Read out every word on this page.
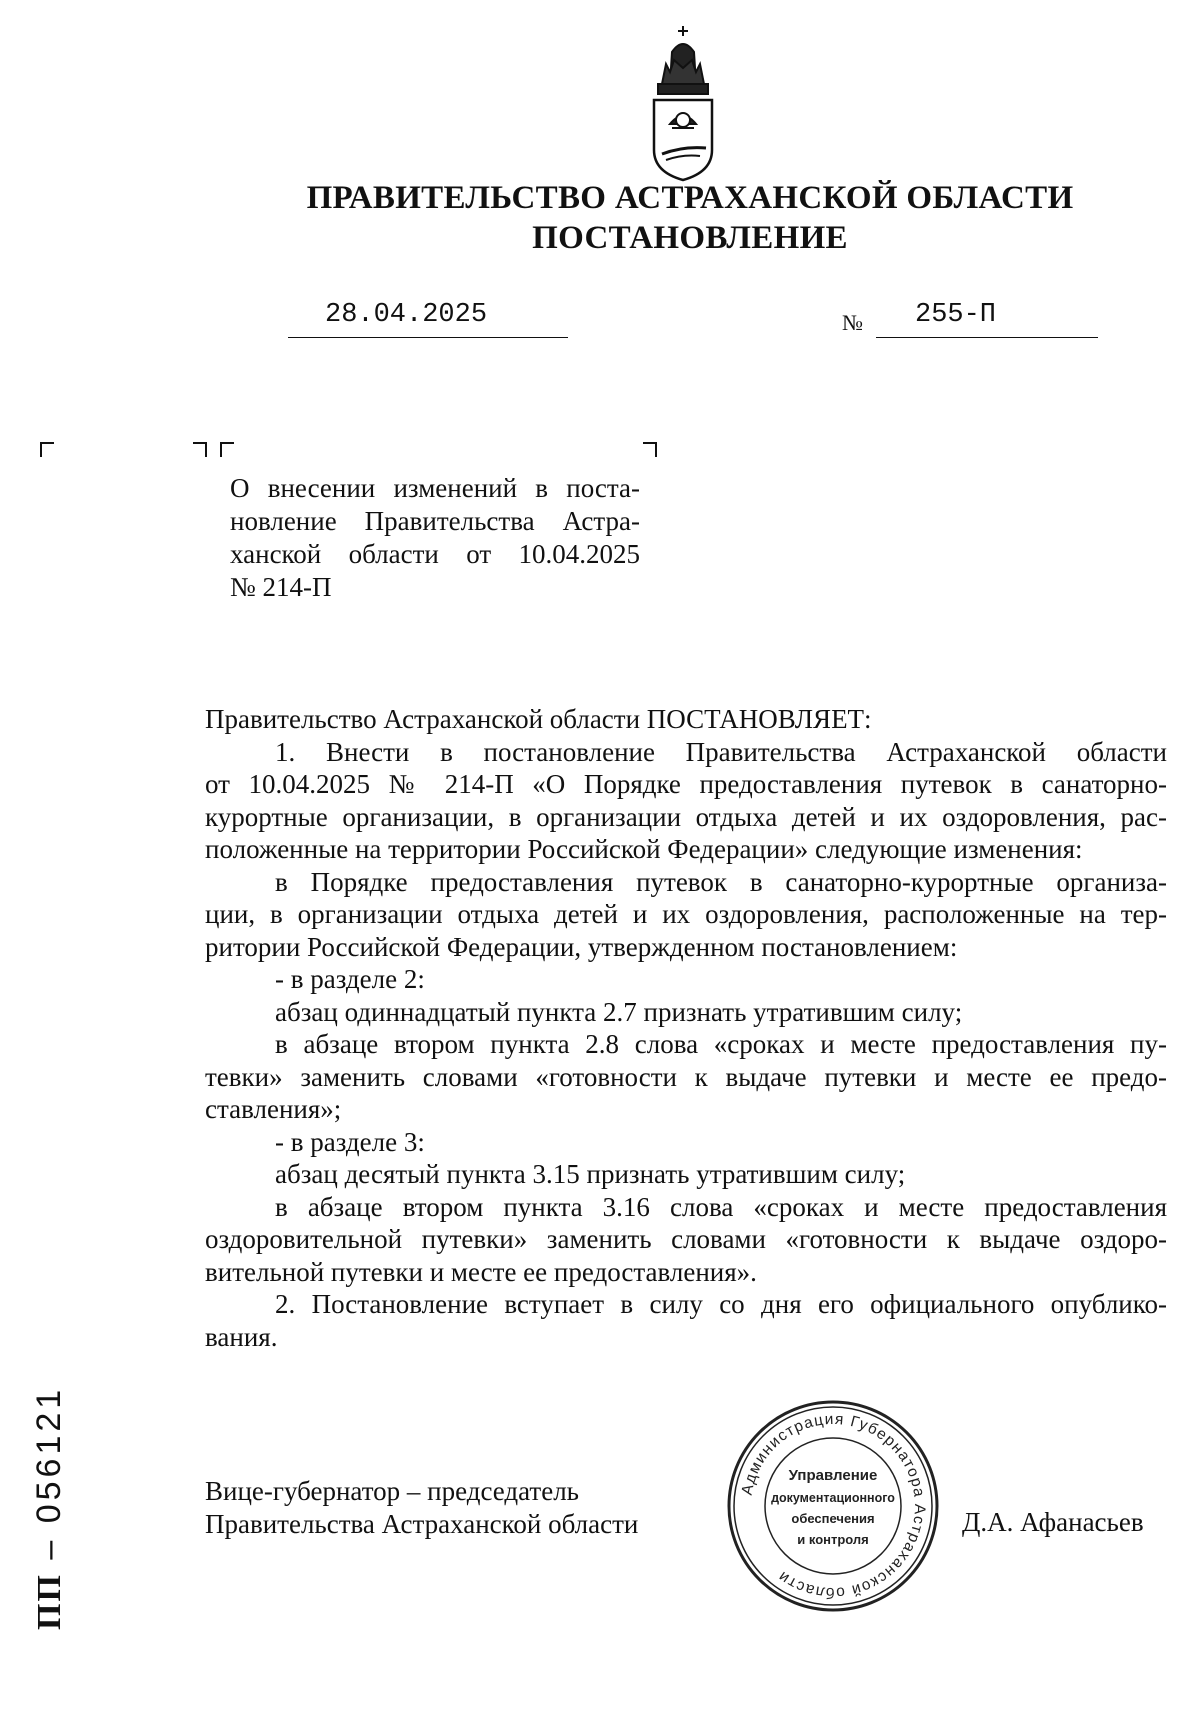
ПРАВИТЕЛЬСТВО АСТРАХАНСКОЙ ОБЛАСТИ
ПОСТАНОВЛЕНИЕ
28.04.2025	№ 255-П
О внесении изменений в поста-
новление Правительства Астра-
ханской области от 10.04.2025
№ 214-П
Правительство Астраханской области ПОСТАНОВЛЯЕТ:
1. Внести в постановление Правительства Астраханской области
от 10.04.2025 № 214-П «О Порядке предоставления путевок в санаторно-
курортные организации, в организации отдыха детей и их оздоровления, рас-
положенные на территории Российской Федерации» следующие изменения:
в Порядке предоставления путевок в санаторно-курортные организа-
ции, в организации отдыха детей и их оздоровления, расположенные на тер-
ритории Российской Федерации, утвержденном постановлением:
- в разделе 2:
абзац одиннадцатый пункта 2.7 признать утратившим силу;
в абзаце втором пункта 2.8 слова «сроках и месте предоставления пу-
тевки» заменить словами «готовности к выдаче путевки и месте ее предо-
ставления»;
- в разделе 3:
абзац десятый пункта 3.15 признать утратившим силу;
в абзаце втором пункта 3.16 слова «сроках и месте предоставления
оздоровительной путевки» заменить словами «готовности к выдаче оздоро-
вительной путевки и месте ее предоставления».
2. Постановление вступает в силу со дня его официального опублико-
вания.
Вице-губернатор – председатель
Правительства Астраханской области
Администрация Губернатора Астраханской области
Управление
документационного
обеспечения
и контроля
Д.А. Афанасьев
ПП – 056121
